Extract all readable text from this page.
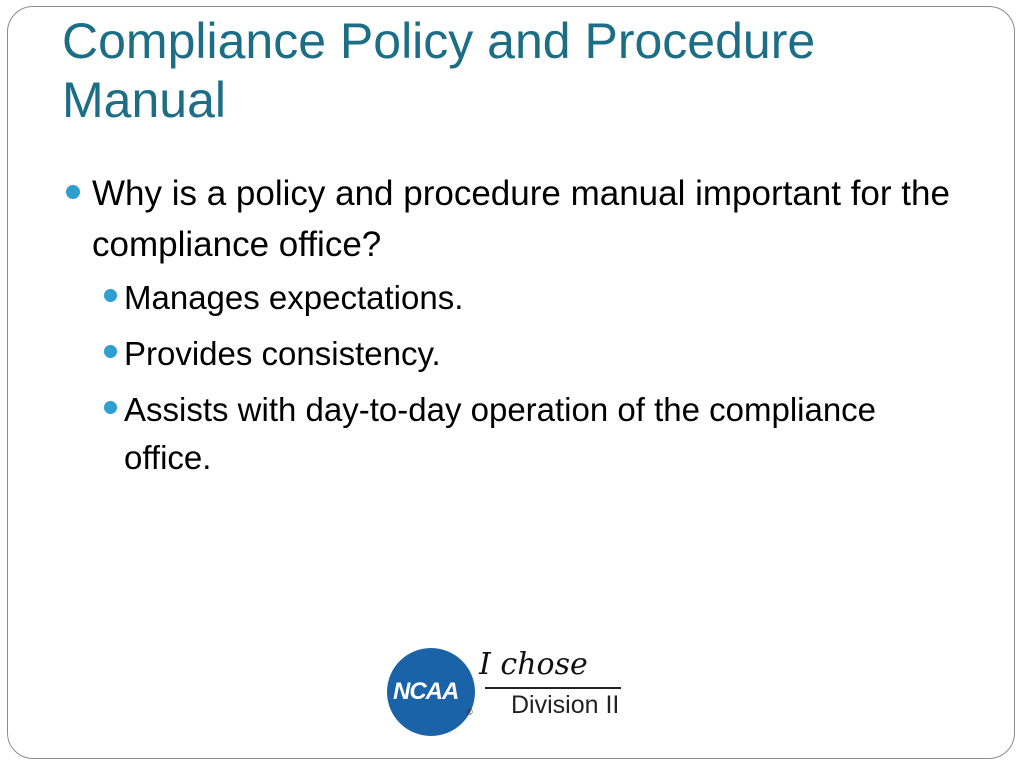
Compliance Policy and Procedure Manual
Why is a policy and procedure manual important for the compliance office?
Manages expectations.
Provides consistency.
Assists with day-to-day operation of the compliance office.
NCAA
®
I chose
Division II
